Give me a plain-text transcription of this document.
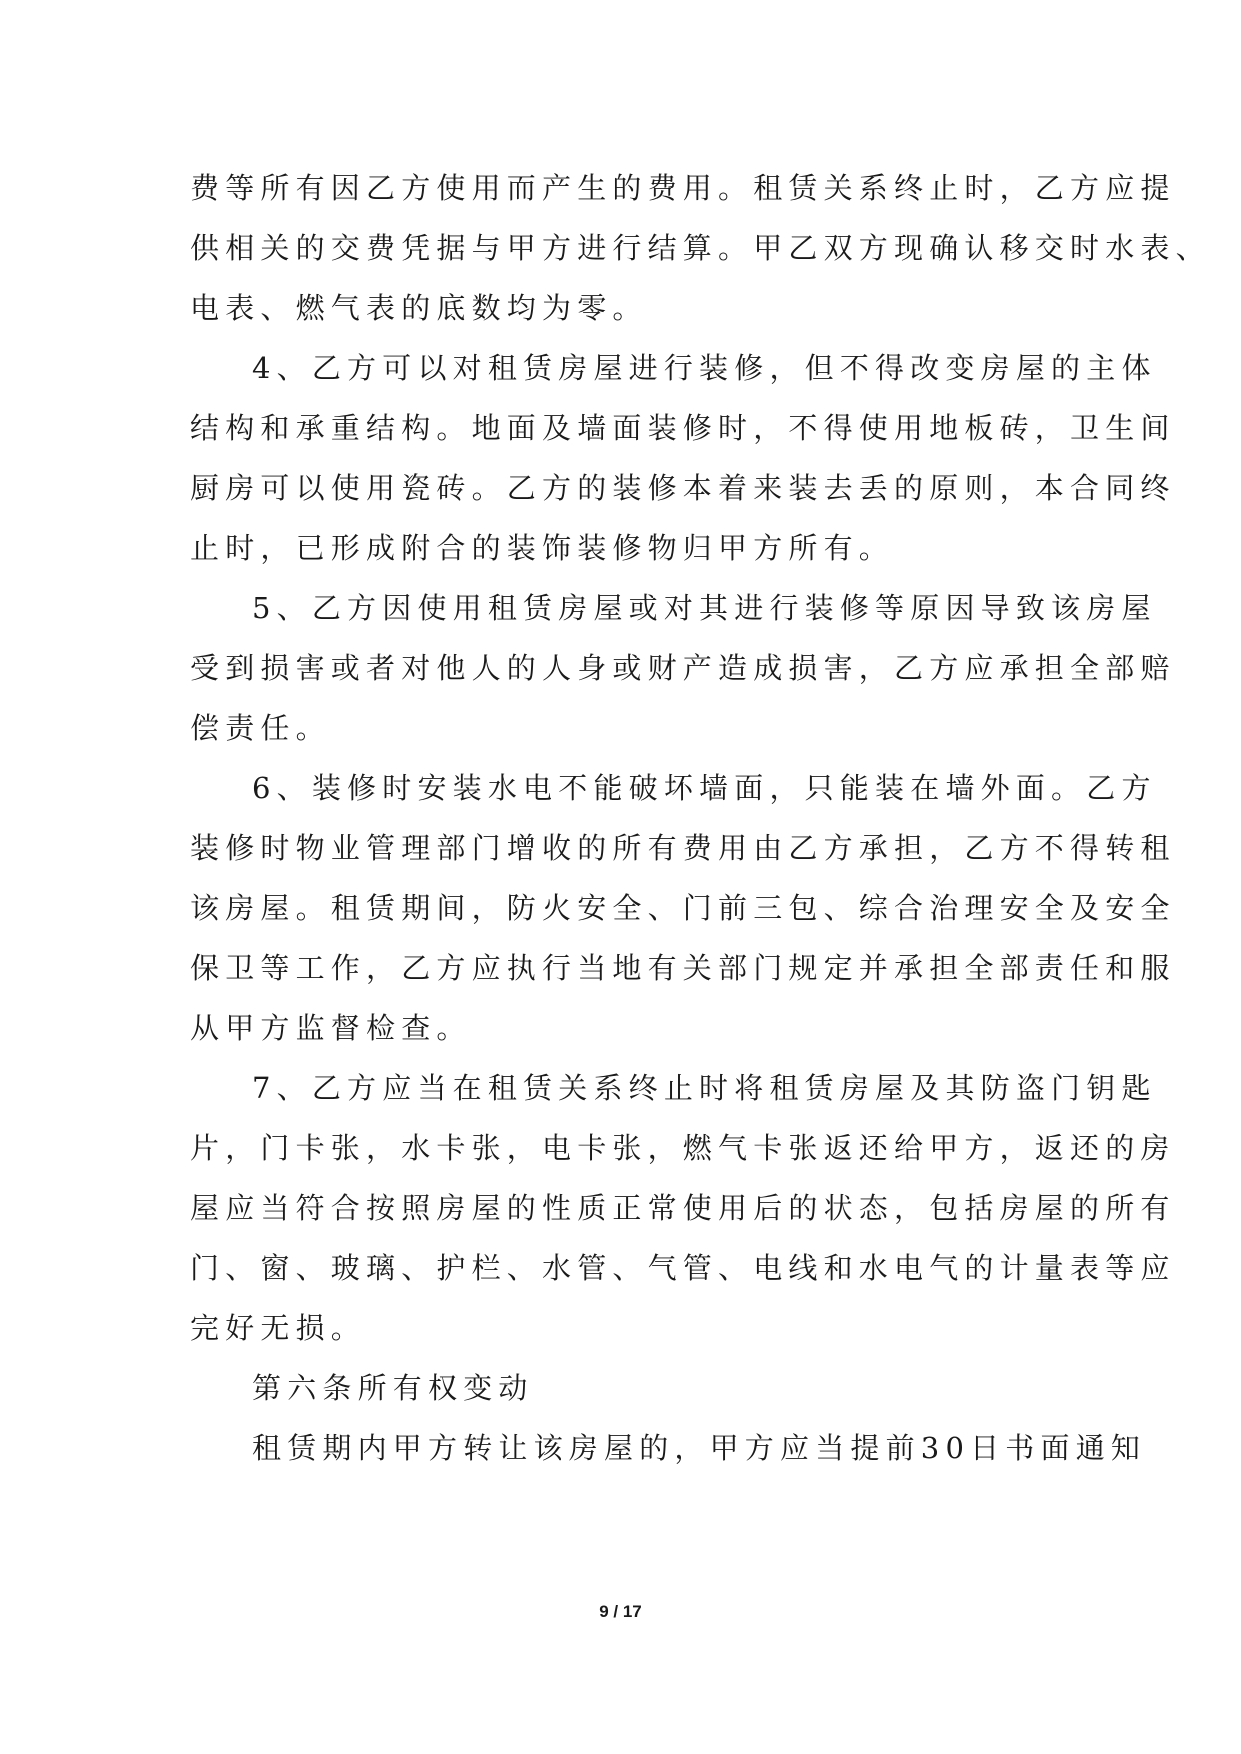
费等所有因乙方使用而产生的费用。租赁关系终止时，乙方应提
供相关的交费凭据与甲方进行结算。甲乙双方现确认移交时水表、
电表、燃气表的底数均为零。
4、乙方可以对租赁房屋进行装修，但不得改变房屋的主体
结构和承重结构。地面及墙面装修时，不得使用地板砖，卫生间
厨房可以使用瓷砖。乙方的装修本着来装去丢的原则，本合同终
止时，已形成附合的装饰装修物归甲方所有。
5、乙方因使用租赁房屋或对其进行装修等原因导致该房屋
受到损害或者对他人的人身或财产造成损害，乙方应承担全部赔
偿责任。
6、装修时安装水电不能破坏墙面，只能装在墙外面。乙方
装修时物业管理部门增收的所有费用由乙方承担，乙方不得转租
该房屋。租赁期间，防火安全、门前三包、综合治理安全及安全
保卫等工作，乙方应执行当地有关部门规定并承担全部责任和服
从甲方监督检查。
7、乙方应当在租赁关系终止时将租赁房屋及其防盗门钥匙
片，门卡张，水卡张，电卡张，燃气卡张返还给甲方，返还的房
屋应当符合按照房屋的性质正常使用后的状态，包括房屋的所有
门、窗、玻璃、护栏、水管、气管、电线和水电气的计量表等应
完好无损。
第六条所有权变动
租赁期内甲方转让该房屋的，甲方应当提前30日书面通知
9 / 17
